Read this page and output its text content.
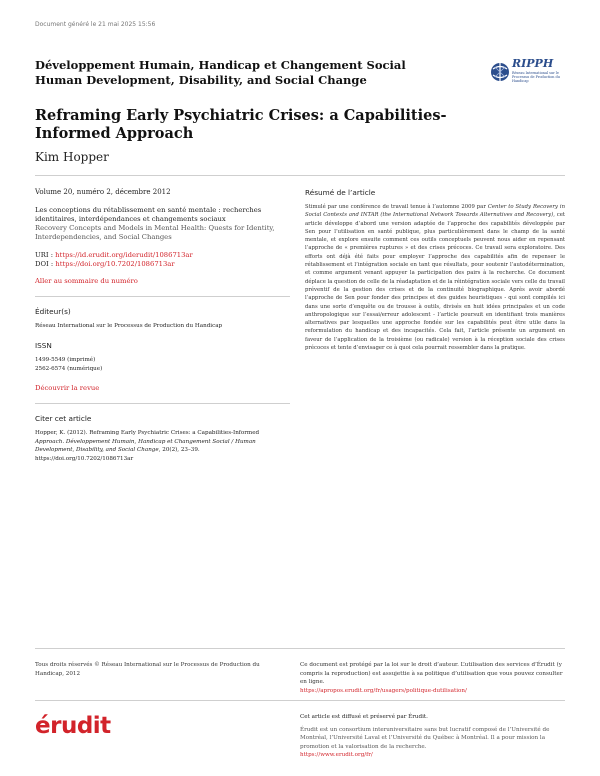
Document généré le 21 mai 2025 15:56
Développement Humain, Handicap et Changement Social
Human Development, Disability, and Social Change
RIPPH
Réseau International sur le Processus de Production du Handicap
Reframing Early Psychiatric Crises: a Capabilities-Informed Approach
Kim Hopper

Volume 20, numéro 2, décembre 2012

Les conceptions du rétablissement en santé mentale : recherches identitaires, interdépendances et changements sociaux

Recovery Concepts and Models in Mental Health: Quests for Identity, Interdependencies, and Social Changes

URI : https://id.erudit.org/iderudit/1086713ar

DOI : https://doi.org/10.7202/1086713ar

Aller au sommaire du numéro

Éditeur(s)

Réseau International sur le Processus de Production du Handicap

ISSN

1499-5549 (imprimé)

2562-6574 (numérique)

Découvrir la revue

Citer cet article
Hopper, K. (2012). Reframing Early Psychiatric Crises: a Capabilities-Informed
Approach. Développement Humain, Handicap et Changement Social / Human
Development, Disability, and Social Change, 20(2), 23–39.
https://doi.org/10.7202/1086713ar
Résumé de l’article

Stimulé par une conférence de travail tenue à l’automne 2009 par Center to Study Recovery in Social Contexts and INTAR (the International Network Towards Alternatives and Recovery), cet article développe d’abord une version adaptée de l’approche des capabilités développée par Sen pour l’utilisation en santé publique, plus particulièrement dans le champ de la santé mentale, et explore ensuite comment ces outils conceptuels peuvent nous aider en repensant l’approche de « premières ruptures » et des crises précoces. Ce travail sera exploratoire. Des efforts ont déjà été faits pour employer l’approche des capabilités afin de repenser le rétablissement et l’intégration sociale en tant que résultats, pour soutenir l’autodétermination, et comme argument venant appuyer la participation des pairs à la recherche. Ce document déplace la question de celle de la réadaptation et de la réintégration sociale vers celle du travail préventif de la gestion des crises et de la continuité biographique. Après avoir abordé l’approche de Sen pour fonder des principes et des guides heuristiques - qui sont compilés ici dans une sorte d’enquête ou de trousse à outils, divisés en huit idées principales et un code anthropologique sur l’essai/erreur adolescent - l’article poursuit en identifiant trois manières alternatives par lesquelles une approche fondée sur les capabilités peut être utile dans la reformulation du handicap et des incapacités. Cela fait, l’article présente un argument en faveur de l’application de la troisième (ou radicale) version à la réception sociale des crises précoces et tente d’envisager ce à quoi cela pourrait ressembler dans la pratique.

Tous droits réservés © Réseau International sur le Processus de Production du Handicap, 2012

Ce document est protégé par la loi sur le droit d’auteur. L’utilisation des services d’Érudit (y compris la reproduction) est assujettie à sa politique d’utilisation que vous pouvez consulter en ligne.

https://apropos.erudit.org/fr/usagers/politique-dutilisation/

érudit	Cet article est diffusé et préservé par Érudit.

Érudit est un consortium interuniversitaire sans but lucratif composé de l’Université de Montréal, l’Université Laval et l’Université du Québec à Montréal. Il a pour mission la promotion et la valorisation de la recherche.

https://www.erudit.org/fr/
